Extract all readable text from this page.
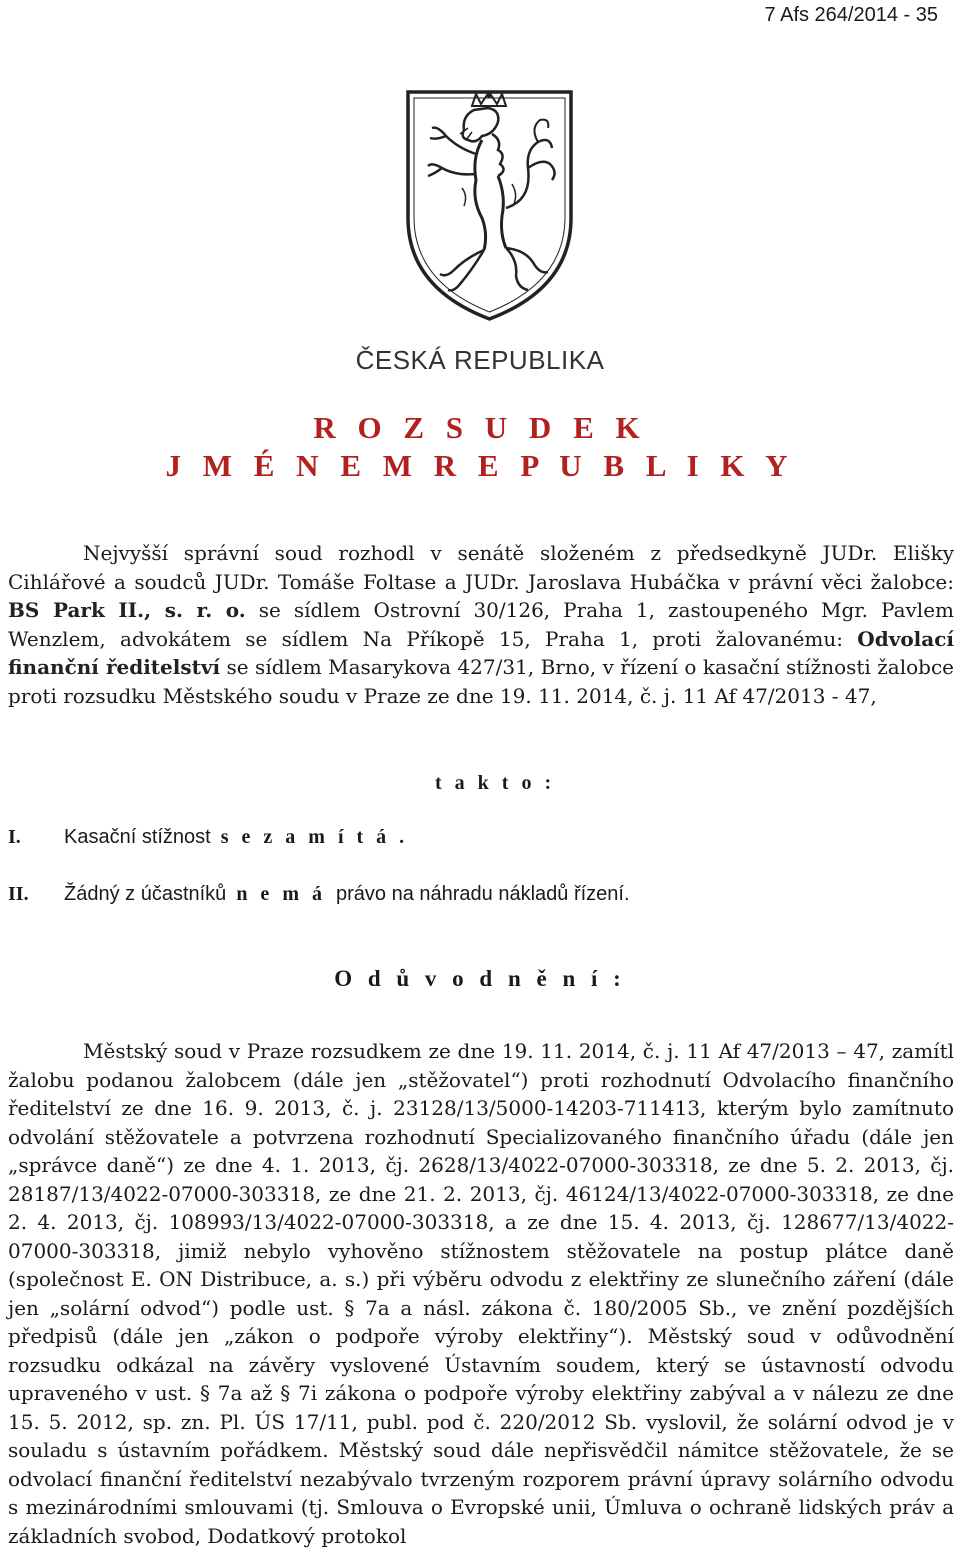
7 Afs 264/2014 - 35
ČESKÁ REPUBLIKA
R O Z S U D E K
J M É N E M R E P U B L I K Y
Nejvyšší správní soud rozhodl v senátě složeném z předsedkyně JUDr. Elišky Cihlářové a soudců JUDr. Tomáše Foltase a JUDr. Jaroslava Hubáčka v právní věci žalobce: BS Park II., s. r. o. se sídlem Ostrovní 30/126, Praha 1, zastoupeného Mgr. Pavlem Wenzlem, advokátem se sídlem Na Příkopě 15, Praha 1, proti žalovanému: Odvolací finanční ředitelství se sídlem Masarykova 427/31, Brno, v řízení o kasační stížnosti žalobce proti rozsudku Městského soudu v Praze ze dne 19. 11. 2014, č. j. 11 Af 47/2013 - 47,
t a k t o :
I. Kasační stížnost s e z a m í t á .
II. Žádný z účastníků n e m á právo na náhradu nákladů řízení.
O d ů v o d n ě n í :
Městský soud v Praze rozsudkem ze dne 19. 11. 2014, č. j. 11 Af 47/2013 – 47, zamítl žalobu podanou žalobcem (dále jen „stěžovatel“) proti rozhodnutí Odvolacího finančního ředitelství ze dne 16. 9. 2013, č. j. 23128/13/5000-14203-711413, kterým bylo zamítnuto odvolání stěžovatele a potvrzena rozhodnutí Specializovaného finančního úřadu (dále jen „správce daně“) ze dne 4. 1. 2013, čj. 2628/13/4022-07000-303318, ze dne 5. 2. 2013, čj. 28187/13/4022-07000-303318, ze dne 21. 2. 2013, čj. 46124/13/4022-07000-303318, ze dne 2. 4. 2013, čj. 108993/13/4022-07000-303318, a ze dne 15. 4. 2013, čj. 128677/13/4022-07000-303318, jimiž nebylo vyhověno stížnostem stěžovatele na postup plátce daně (společnost E. ON Distribuce, a. s.) při výběru odvodu z elektřiny ze slunečního záření (dále jen „solární odvod“) podle ust. § 7a a násl. zákona č. 180/2005 Sb., ve znění pozdějších předpisů (dále jen „zákon o podpoře výroby elektřiny“). Městský soud v odůvodnění rozsudku odkázal na závěry vyslovené Ústavním soudem, který se ústavností odvodu upraveného v ust. § 7a až § 7i zákona o podpoře výroby elektřiny zabýval a v nálezu ze dne 15. 5. 2012, sp. zn. Pl. ÚS 17/11, publ. pod č. 220/2012 Sb. vyslovil, že solární odvod je v souladu s ústavním pořádkem. Městský soud dále nepřisvědčil námitce stěžovatele, že se odvolací finanční ředitelství nezabývalo tvrzeným rozporem právní úpravy solárního odvodu s mezinárodními smlouvami (tj. Smlouva o Evropské unii, Úmluva o ochraně lidských práv a základních svobod, Dodatkový protokol
